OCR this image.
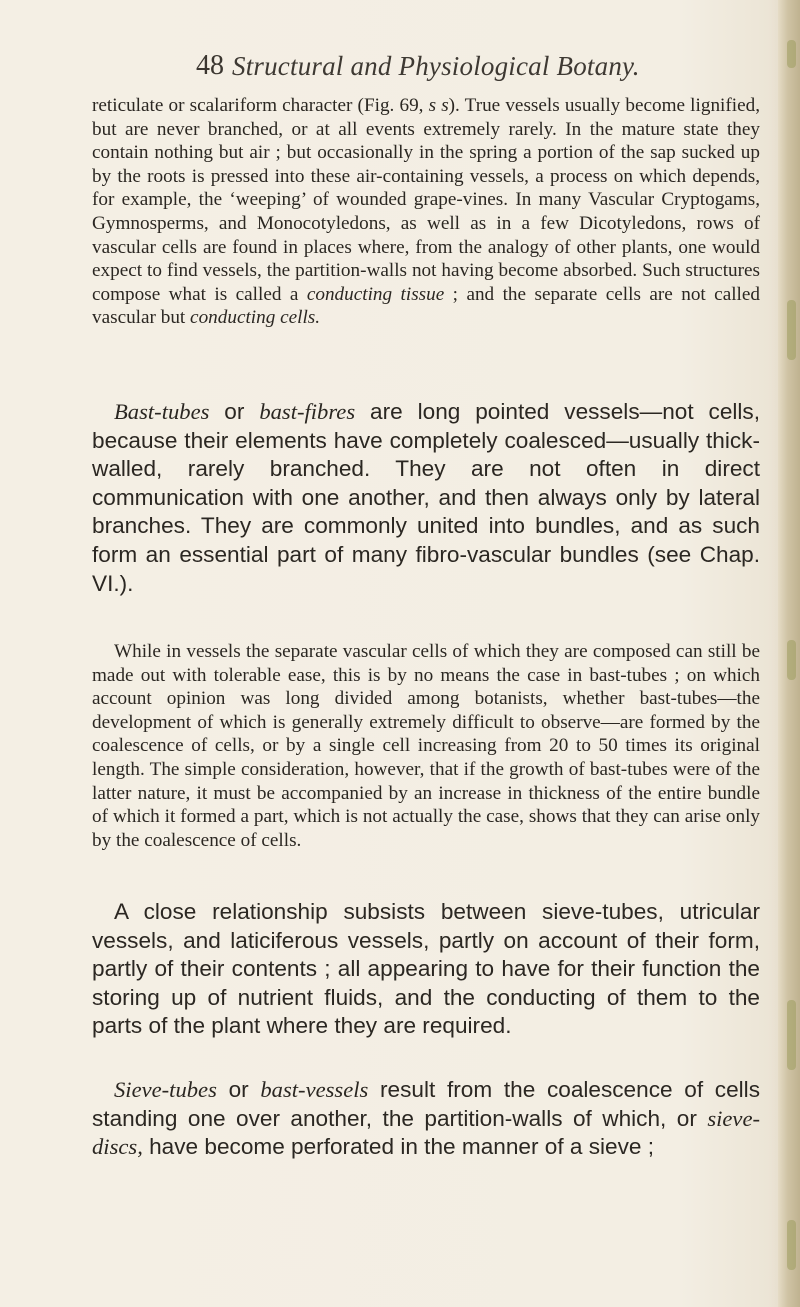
48 Structural and Physiological Botany.

reticulate or scalariform character (Fig. 69, s s). True vessels usually become lignified, but are never branched, or at all events extremely rarely. In the mature state they contain nothing but air ; but occasionally in the spring a portion of the sap sucked up by the roots is pressed into these air-containing vessels, a process on which depends, for example, the ‘weeping’ of wounded grape-vines. In many Vascular Cryptogams, Gymnosperms, and Monocotyledons, as well as in a few Dicotyledons, rows of vascular cells are found in places where, from the analogy of other plants, one would expect to find vessels, the partition-walls not having become absorbed. Such structures compose what is called a conducting tissue ; and the separate cells are not called vascular but conducting cells.

Bast-tubes or bast-fibres are long pointed vessels—not cells, because their elements have completely coalesced—usually thick-walled, rarely branched. They are not often in direct communication with one another, and then always only by lateral branches. They are commonly united into bundles, and as such form an essential part of many fibro-vascular bundles (see Chap. VI.).

While in vessels the separate vascular cells of which they are composed can still be made out with tolerable ease, this is by no means the case in bast-tubes ; on which account opinion was long divided among botanists, whether bast-tubes—the development of which is generally extremely difficult to observe—are formed by the coalescence of cells, or by a single cell increasing from 20 to 50 times its original length. The simple consideration, however, that if the growth of bast-tubes were of the latter nature, it must be accompanied by an increase in thickness of the entire bundle of which it formed a part, which is not actually the case, shows that they can arise only by the coalescence of cells.

A close relationship subsists between sieve-tubes, utricular vessels, and laticiferous vessels, partly on account of their form, partly of their contents ; all appearing to have for their function the storing up of nutrient fluids, and the conducting of them to the parts of the plant where they are required.

Sieve-tubes or bast-vessels result from the coalescence of cells standing one over another, the partition-walls of which, or sieve-discs, have become perforated in the manner of a sieve ;
